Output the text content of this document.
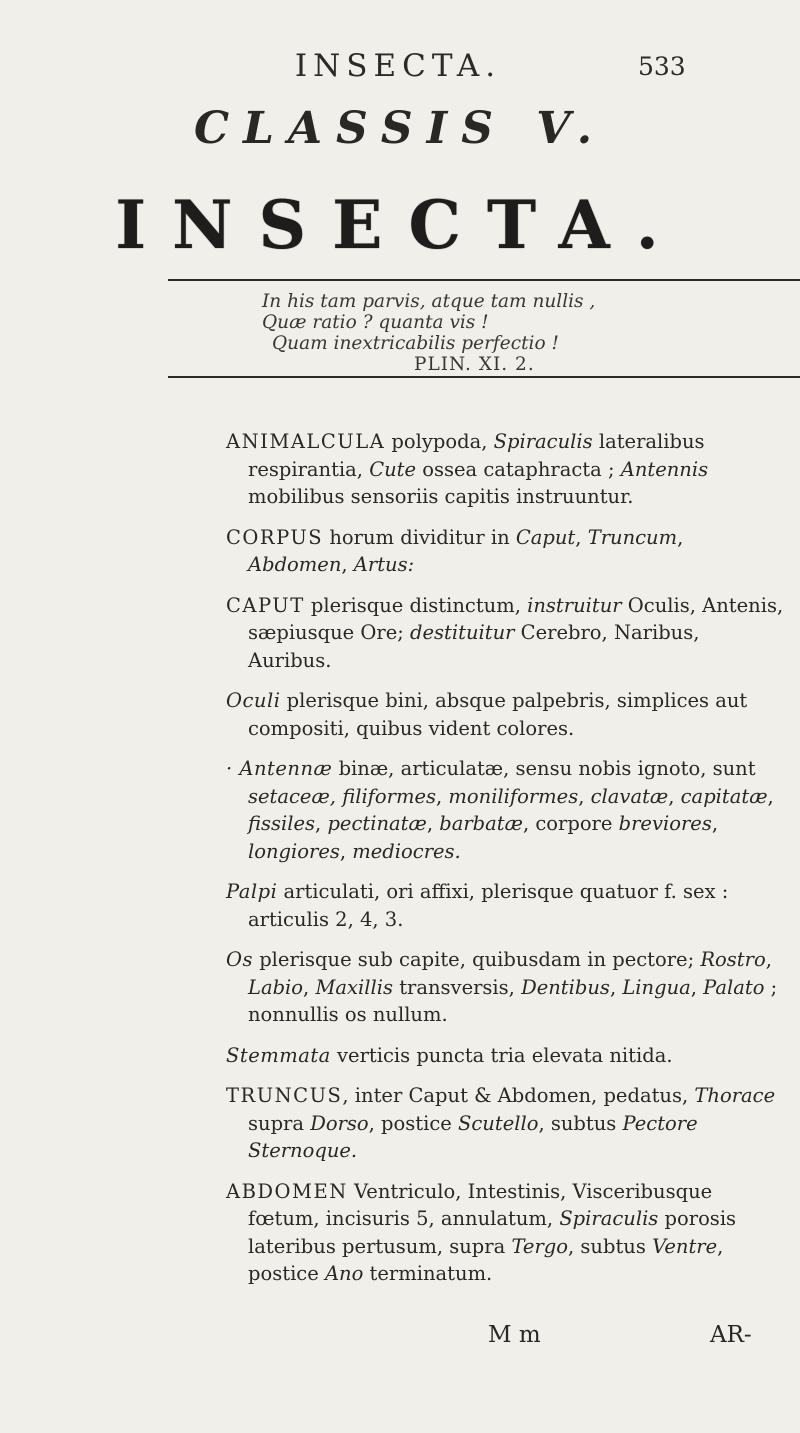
INSECTA.	533
CLASSIS V.
INSECTA.
In his tam parvis, atque tam nullis ,
Quæ ratio ? quanta vis !
Quam inextricabilis perfectio !
PLIN. XI. 2.

ANIMALCULA polypoda, Spiraculis lateralibus respirantia, Cute ossea cataphracta ; Antennis mobilibus sensoriis capitis instruuntur.

CORPUS horum dividitur in Caput, Truncum, Abdomen, Artus:

CAPUT plerisque distinctum, instruitur Oculis, Antenis, sæpiusque Ore; destituitur Cerebro, Naribus, Auribus.

Oculi plerisque bini, absque palpebris, simplices aut compositi, quibus vident colores.

· Antennæ binæ, articulatæ, sensu nobis ignoto, sunt setaceæ, filiformes, moniliformes, clavatæ, capitatæ, fissiles, pectinatæ, barbatæ, corpore breviores, longiores, mediocres.

Palpi articulati, ori affixi, plerisque quatuor f. sex : articulis 2, 4, 3.

Os plerisque sub capite, quibusdam in pectore; Rostro, Labio, Maxillis transversis, Dentibus, Lingua, Palato ; nonnullis os nullum.

Stemmata verticis puncta tria elevata nitida.

TRUNCUS, inter Caput & Abdomen, pedatus, Thorace supra Dorso, postice Scutello, subtus Pectore Sternoque.

ABDOMEN Ventriculo, Intestinis, Visceribusque fœtum, incisuris 5, annulatum, Spiraculis porosis lateribus pertusum, supra Tergo, subtus Ventre, postice Ano terminatum.

M m	AR-
